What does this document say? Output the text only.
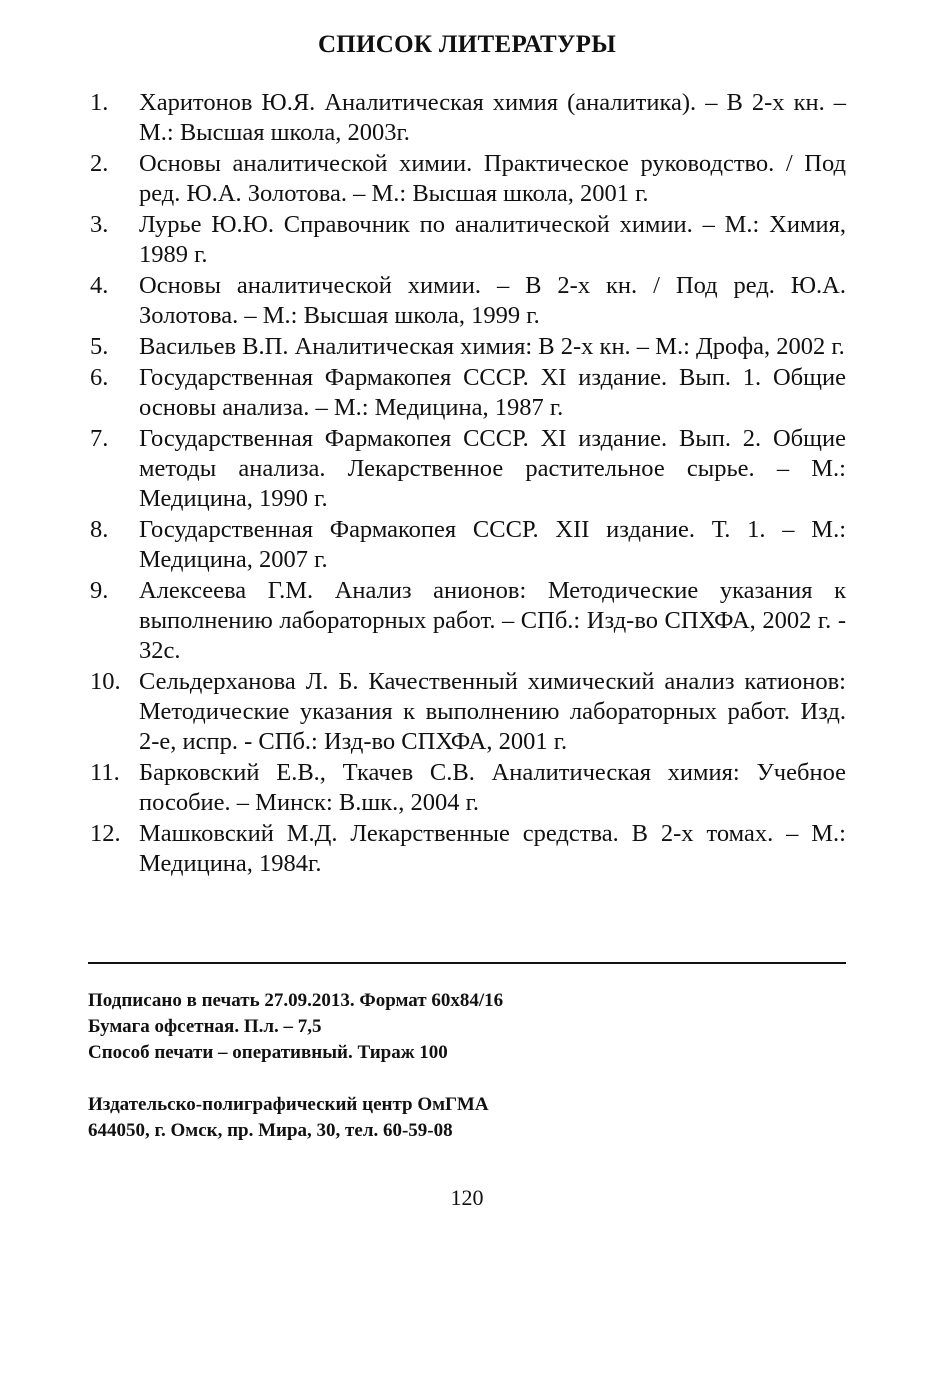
СПИСОК ЛИТЕРАТУРЫ
1. Харитонов Ю.Я. Аналитическая химия (аналитика). – В 2-х кн. – М.: Высшая школа, 2003г.
2. Основы аналитической химии. Практическое руководство. / Под ред. Ю.А. Золотова. – М.: Высшая школа, 2001 г.
3. Лурье Ю.Ю. Справочник по аналитической химии. – М.: Химия, 1989 г.
4. Основы аналитической химии. – В 2-х кн. / Под ред. Ю.А. Золотова. – М.: Высшая школа, 1999 г.
5. Васильев В.П. Аналитическая химия: В 2-х кн. – М.: Дрофа, 2002 г.
6. Государственная Фармакопея СССР. XI издание. Вып. 1. Общие основы анализа. – М.: Медицина, 1987 г.
7. Государственная Фармакопея СССР. XI издание. Вып. 2. Общие методы анализа. Лекарственное растительное сырье. – М.: Медицина, 1990 г.
8. Государственная Фармакопея СССР. XII издание. Т. 1. – М.: Медицина, 2007 г.
9. Алексеева Г.М. Анализ анионов: Методические указания к выполнению лабораторных работ. – СПб.: Изд-во СПХФА, 2002 г. - 32с.
10. Сельдерханова Л. Б. Качественный химический анализ катионов: Методические указания к выполнению лабораторных работ. Изд. 2-е, испр. - СПб.: Изд-во СПХФА, 2001 г.
11. Барковский Е.В., Ткачев С.В. Аналитическая химия: Учебное пособие. – Минск: В.шк., 2004 г.
12. Машковский М.Д. Лекарственные средства. В 2-х томах. – М.: Медицина, 1984г.
Подписано в печать 27.09.2013. Формат 60х84/16
Бумага офсетная. П.л. – 7,5
Способ печати – оперативный. Тираж 100
Издательско-полиграфический центр ОмГМА
644050, г. Омск, пр. Мира, 30, тел. 60-59-08
120
